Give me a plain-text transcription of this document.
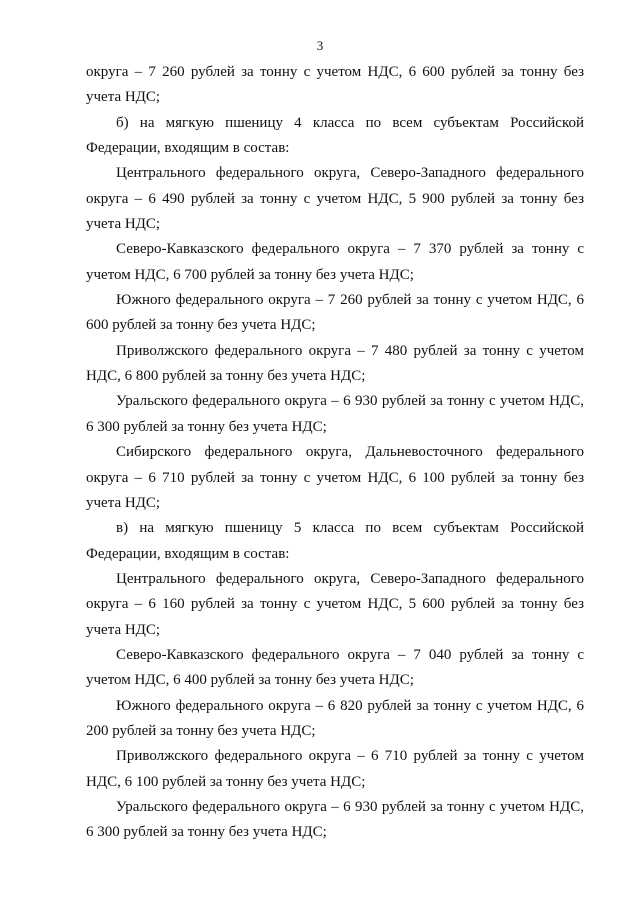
3

округа – 7 260 рублей за тонну с учетом НДС, 6 600 рублей за тонну без учета НДС;

б) на мягкую пшеницу 4 класса по всем субъектам Российской Федерации, входящим в состав:

Центрального федерального округа, Северо-Западного федерального округа – 6 490 рублей за тонну с учетом НДС, 5 900 рублей за тонну без учета НДС;

Северо-Кавказского федерального округа – 7 370 рублей за тонну с учетом НДС, 6 700 рублей за тонну без учета НДС;

Южного федерального округа – 7 260 рублей за тонну с учетом НДС, 6 600 рублей за тонну без учета НДС;

Приволжского федерального округа – 7 480 рублей за тонну с учетом НДС, 6 800 рублей за тонну без учета НДС;

Уральского федерального округа – 6 930 рублей за тонну с учетом НДС, 6 300 рублей за тонну без учета НДС;

Сибирского федерального округа, Дальневосточного федерального округа – 6 710 рублей за тонну с учетом НДС, 6 100 рублей за тонну без учета НДС;

в) на мягкую пшеницу 5 класса по всем субъектам Российской Федерации, входящим в состав:

Центрального федерального округа, Северо-Западного федерального округа – 6 160 рублей за тонну с учетом НДС, 5 600 рублей за тонну без учета НДС;

Северо-Кавказского федерального округа – 7 040 рублей за тонну с учетом НДС, 6 400 рублей за тонну без учета НДС;

Южного федерального округа – 6 820 рублей за тонну с учетом НДС, 6 200 рублей за тонну без учета НДС;

Приволжского федерального округа – 6 710 рублей за тонну с учетом НДС, 6 100 рублей за тонну без учета НДС;

Уральского федерального округа – 6 930 рублей за тонну с учетом НДС, 6 300 рублей за тонну без учета НДС;
